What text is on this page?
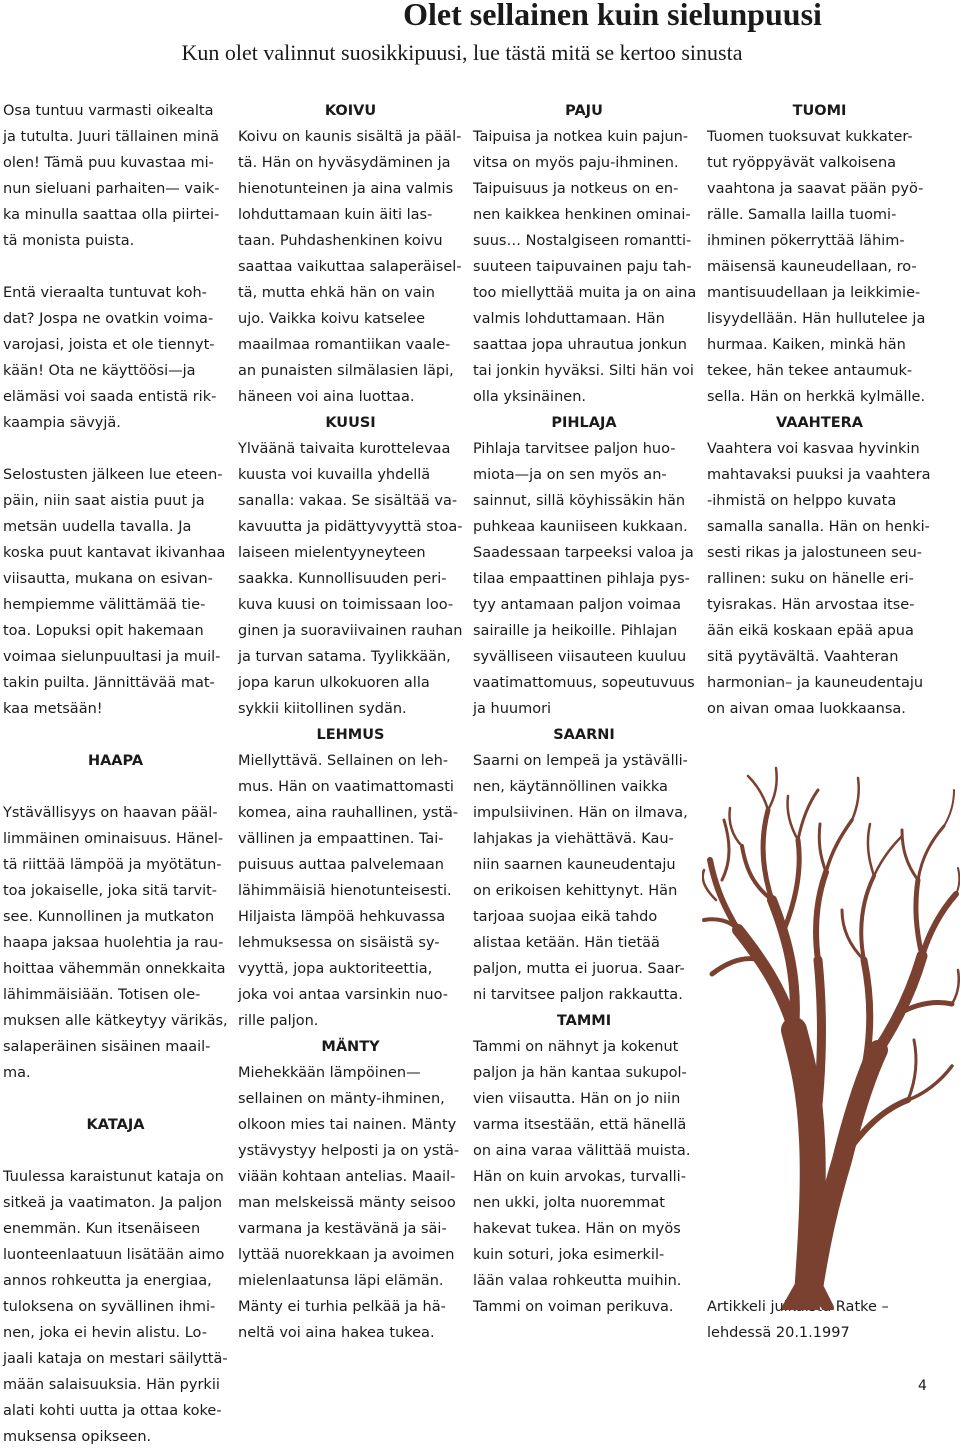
Olet sellainen kuin sielunpuusi
Kun olet valinnut suosikkipuusi, lue tästä mitä se kertoo sinusta
Osa tuntuu varmasti oikealta
ja tutulta. Juuri tällainen minä
olen! Tämä puu kuvastaa mi-
nun sieluani parhaiten— vaik-
ka minulla saattaa olla piirtei-
tä monista puista.
Entä vieraalta tuntuvat koh-
dat? Jospa ne ovatkin voima-
varojasi, joista et ole tiennyt-
kään! Ota ne käyttöösi—ja
elämäsi voi saada entistä rik-
kaampia sävyjä.
Selostusten jälkeen lue eteen-
päin, niin saat aistia puut ja
metsän uudella tavalla. Ja
koska puut kantavat ikivanhaa
viisautta, mukana on esivan-
hempiemme välittämää tie-
toa. Lopuksi opit hakemaan
voimaa sielunpuultasi ja muil-
takin puilta. Jännittävää mat-
kaa metsään!
HAAPA
Ystävällisyys on haavan pääl-
limmäinen ominaisuus. Hänel-
tä riittää lämpöä ja myötätun-
toa jokaiselle, joka sitä tarvit-
see. Kunnollinen ja mutkaton
haapa jaksaa huolehtia ja rau-
hoittaa vähemmän onnekkaita
lähimmäisiään. Totisen ole-
muksen alle kätkeytyy värikäs,
salaperäinen sisäinen maail-
ma.
KATAJA
Tuulessa karaistunut kataja on
sitkeä ja vaatimaton. Ja paljon
enemmän. Kun itsenäiseen
luonteenlaatuun lisätään aimo
annos rohkeutta ja energiaa,
tuloksena on syvällinen ihmi-
nen, joka ei hevin alistu. Lo-
jaali kataja on mestari säilyttä-
mään salaisuuksia. Hän pyrkii
alati kohti uutta ja ottaa koke-
muksensa opikseen.
KOIVU
Koivu on kaunis sisältä ja pääl-
tä. Hän on hyväsydäminen ja
hienotunteinen ja aina valmis
lohduttamaan kuin äiti las-
taan. Puhdashenkinen koivu
saattaa vaikuttaa salaperäisel-
tä, mutta ehkä hän on vain
ujo. Vaikka koivu katselee
maailmaa romantiikan vaale-
an punaisten silmälasien läpi,
häneen voi aina luottaa.
KUUSI
Ylväänä taivaita kurottelevaa
kuusta voi kuvailla yhdellä
sanalla: vakaa. Se sisältää va-
kavuutta ja pidättyvyyttä stoa-
laiseen mielentyyneyteen
saakka. Kunnollisuuden peri-
kuva kuusi on toimissaan loo-
ginen ja suoraviivainen rauhan
ja turvan satama. Tyylikkään,
jopa karun ulkokuoren alla
sykkii kiitollinen sydän.
LEHMUS
Miellyttävä. Sellainen on leh-
mus. Hän on vaatimattomasti
komea, aina rauhallinen, ystä-
vällinen ja empaattinen. Tai-
puisuus auttaa palvelemaan
lähimmäisiä hienotunteisesti.
Hiljaista lämpöä hehkuvassa
lehmuksessa on sisäistä sy-
vyyttä, jopa auktoriteettia,
joka voi antaa varsinkin nuo-
rille paljon.
MÄNTY
Miehekkään lämpöinen—
sellainen on mänty-ihminen,
olkoon mies tai nainen. Mänty
ystävystyy helposti ja on ystä-
viään kohtaan antelias. Maail-
man melskeissä mänty seisoo
varmana ja kestävänä ja säi-
lyttää nuorekkaan ja avoimen
mielenlaatunsa läpi elämän.
Mänty ei turhia pelkää ja hä-
neltä voi aina hakea tukea.
PAJU
Taipuisa ja notkea kuin pajun-
vitsa on myös paju-ihminen.
Taipuisuus ja notkeus on en-
nen kaikkea henkinen ominai-
suus… Nostalgiseen romantti-
suuteen taipuvainen paju tah-
too miellyttää muita ja on aina
valmis lohduttamaan. Hän
saattaa jopa uhrautua jonkun
tai jonkin hyväksi. Silti hän voi
olla yksinäinen.
PIHLAJA
Pihlaja tarvitsee paljon huo-
miota—ja on sen myös an-
sainnut, sillä köyhissäkin hän
puhkeaa kauniiseen kukkaan.
Saadessaan tarpeeksi valoa ja
tilaa empaattinen pihlaja pys-
tyy antamaan paljon voimaa
sairaille ja heikoille. Pihlajan
syvälliseen viisauteen kuuluu
vaatimattomuus, sopeutuvuus
ja huumori
SAARNI
Saarni on lempeä ja ystävälli-
nen, käytännöllinen vaikka
impulsiivinen. Hän on ilmava,
lahjakas ja viehättävä. Kau-
niin saarnen kauneudentaju
on erikoisen kehittynyt. Hän
tarjoaa suojaa eikä tahdo
alistaa ketään. Hän tietää
paljon, mutta ei juorua. Saar-
ni tarvitsee paljon rakkautta.
TAMMI
Tammi on nähnyt ja kokenut
paljon ja hän kantaa sukupol-
vien viisautta. Hän on jo niin
varma itsestään, että hänellä
on aina varaa välittää muista.
Hän on kuin arvokas, turvalli-
nen ukki, jolta nuoremmat
hakevat tukea. Hän on myös
kuin soturi, joka esimerkil-
lään valaa rohkeutta muihin.
Tammi on voiman perikuva.
TUOMI
Tuomen tuoksuvat kukkater-
tut ryöppyävät valkoisena
vaahtona ja saavat pään pyö-
rälle. Samalla lailla tuomi-
ihminen pökerryttää lähim-
mäisensä kauneudellaan, ro-
mantisuudellaan ja leikkimie-
lisyydellään. Hän hullutelee ja
hurmaa. Kaiken, minkä hän
tekee, hän tekee antaumuk-
sella. Hän on herkkä kylmälle.
VAAHTERA
Vaahtera voi kasvaa hyvinkin
mahtavaksi puuksi ja vaahtera
-ihmistä on helppo kuvata
samalla sanalla. Hän on henki-
sesti rikas ja jalostuneen seu-
rallinen: suku on hänelle eri-
tyisrakas. Hän arvostaa itse-
ään eikä koskaan epää apua
sitä pyytävältä. Vaahteran
harmonian– ja kauneudentaju
on aivan omaa luokkaansa.
Artikkeli julkaistu Ratke –
lehdessä 20.1.1997
4
